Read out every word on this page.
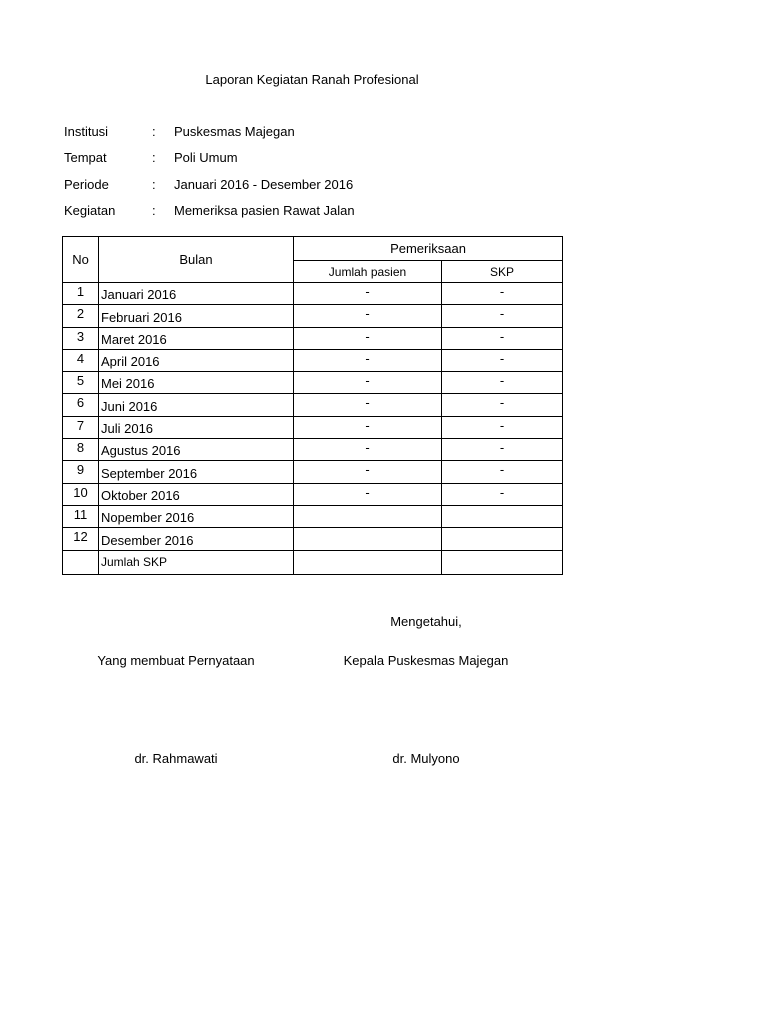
Laporan Kegiatan Ranah Profesional
Institusi	:	Puskesmas Majegan
Tempat	:	Poli Umum
Periode	:	Januari 2016 - Desember 2016
Kegiatan	:	Memeriksa pasien Rawat Jalan
No	Bulan	Pemeriksaan	
		Jumlah pasien	SKP
1	Januari 2016	-	-
2	Februari 2016	-	-
3	Maret 2016	-	-
4	April 2016	-	-
5	Mei 2016	-	-
6	Juni 2016	-	-
7	Juli 2016	-	-
8	Agustus 2016	-	-
9	September 2016	-	-
10	Oktober 2016	-	-
11	Nopember 2016		
12	Desember 2016		
	Jumlah SKP		
Mengetahui,
Yang membuat Pernyataan	Kepala Puskesmas Majegan
dr. Rahmawati	dr. Mulyono
